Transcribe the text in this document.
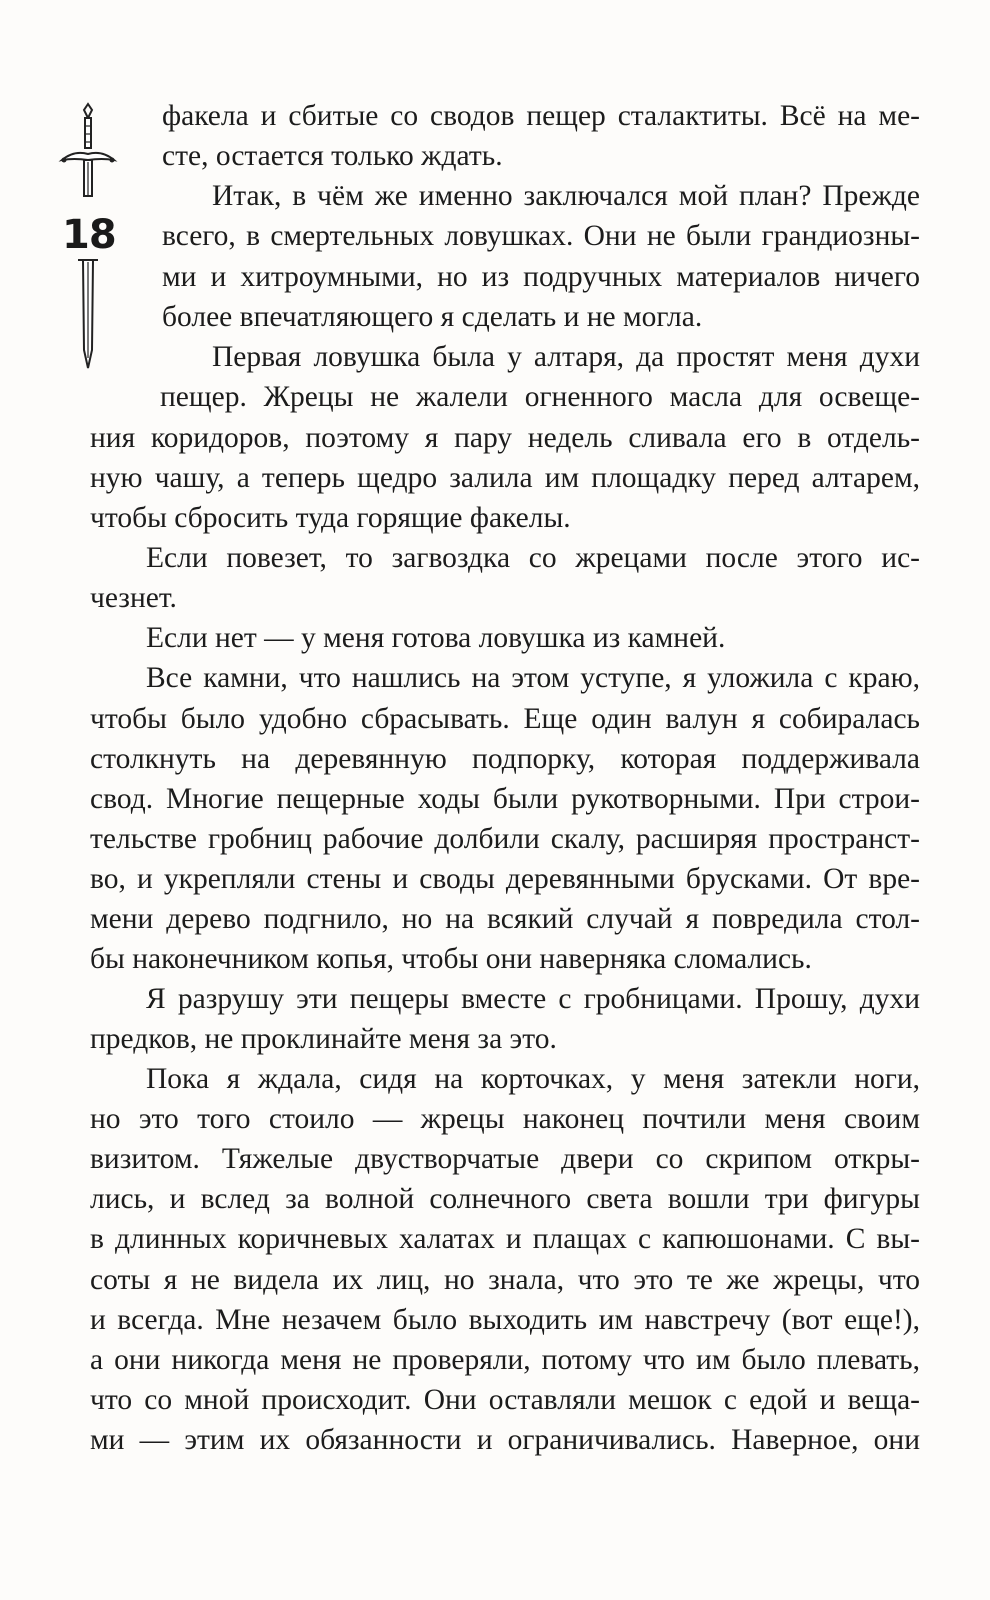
18
факела и сбитые со сводов пещер сталактиты. Всё на ме-
сте, остается только ждать.
Итак, в чём же именно заключался мой план? Прежде
всего, в смертельных ловушках. Они не были грандиозны-
ми и хитроумными, но из подручных материалов ничего
более впечатляющего я сделать и не могла.
Первая ловушка была у алтаря, да простят меня духи
пещер. Жрецы не жалели огненного масла для освеще-
ния коридоров, поэтому я пару недель сливала его в отдель-
ную чашу, а теперь щедро залила им площадку перед алтарем,
чтобы сбросить туда горящие факелы.
Если повезет, то загвоздка со жрецами после этого ис-
чезнет.
Если нет — у меня готова ловушка из камней.
Все камни, что нашлись на этом уступе, я уложила с краю,
чтобы было удобно сбрасывать. Еще один валун я собиралась
столкнуть на деревянную подпорку, которая поддерживала
свод. Многие пещерные ходы были рукотворными. При строи-
тельстве гробниц рабочие долбили скалу, расширяя пространст-
во, и укрепляли стены и своды деревянными брусками. От вре-
мени дерево подгнило, но на всякий случай я повредила стол-
бы наконечником копья, чтобы они наверняка сломались.
Я разрушу эти пещеры вместе с гробницами. Прошу, духи
предков, не проклинайте меня за это.
Пока я ждала, сидя на корточках, у меня затекли ноги,
но это того стоило — жрецы наконец почтили меня своим
визитом. Тяжелые двустворчатые двери со скрипом откры-
лись, и вслед за волной солнечного света вошли три фигуры
в длинных коричневых халатах и плащах с капюшонами. С вы-
соты я не видела их лиц, но знала, что это те же жрецы, что
и всегда. Мне незачем было выходить им навстречу (вот еще!),
а они никогда меня не проверяли, потому что им было плевать,
что со мной происходит. Они оставляли мешок с едой и веща-
ми — этим их обязанности и ограничивались. Наверное, они
